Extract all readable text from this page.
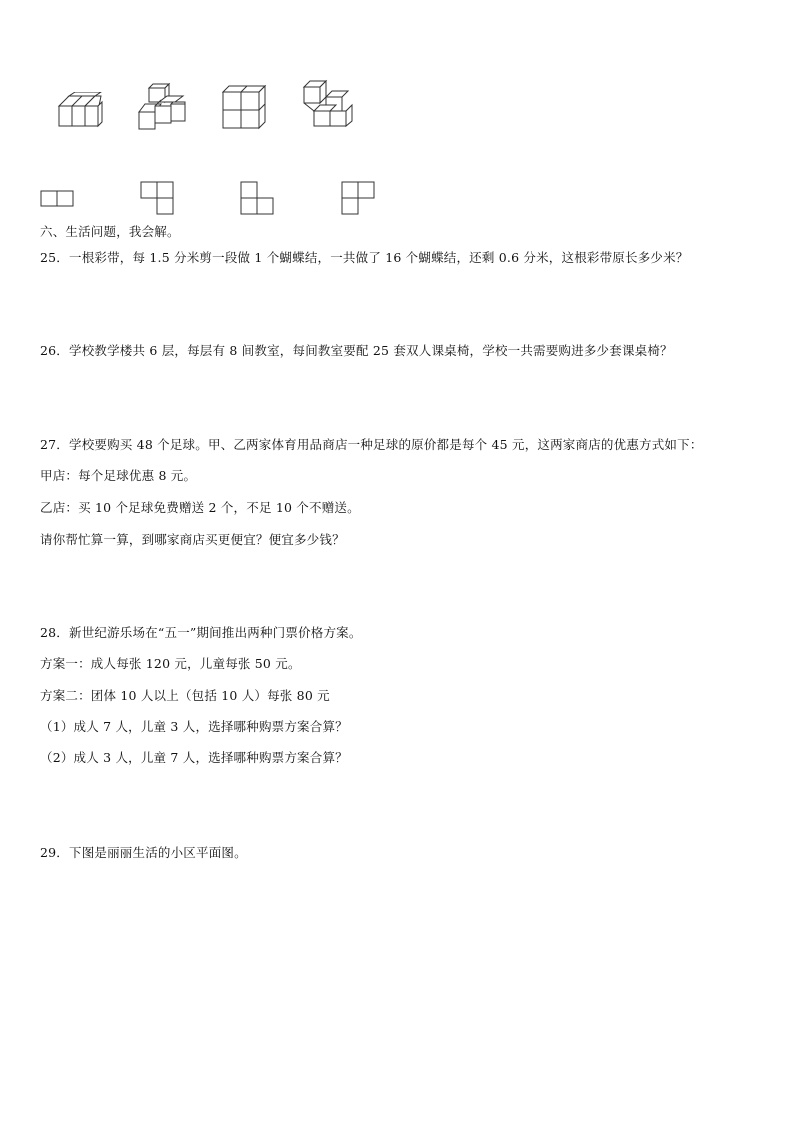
六、生活问题，我会解。
25．一根彩带，每 1.5 分米剪一段做 1 个蝴蝶结，一共做了 16 个蝴蝶结，还剩 0.6 分米，这根彩带原长多少米？
26．学校教学楼共 6 层，每层有 8 间教室，每间教室要配 25 套双人课桌椅，学校一共需要购进多少套课桌椅？
27．学校要购买 48 个足球。甲、乙两家体育用品商店一种足球的原价都是每个 45 元，这两家商店的优惠方式如下：
甲店：每个足球优惠 8 元。
乙店：买 10 个足球免费赠送 2 个，不足 10 个不赠送。
请你帮忙算一算，到哪家商店买更便宜？便宜多少钱？
28．新世纪游乐场在“五一”期间推出两种门票价格方案。
方案一：成人每张 120 元，儿童每张 50 元。
方案二：团体 10 人以上（包括 10 人）每张 80 元
（1）成人 7 人，儿童 3 人，选择哪种购票方案合算？
（2）成人 3 人，儿童 7 人，选择哪种购票方案合算？
29．下图是丽丽生活的小区平面图。
